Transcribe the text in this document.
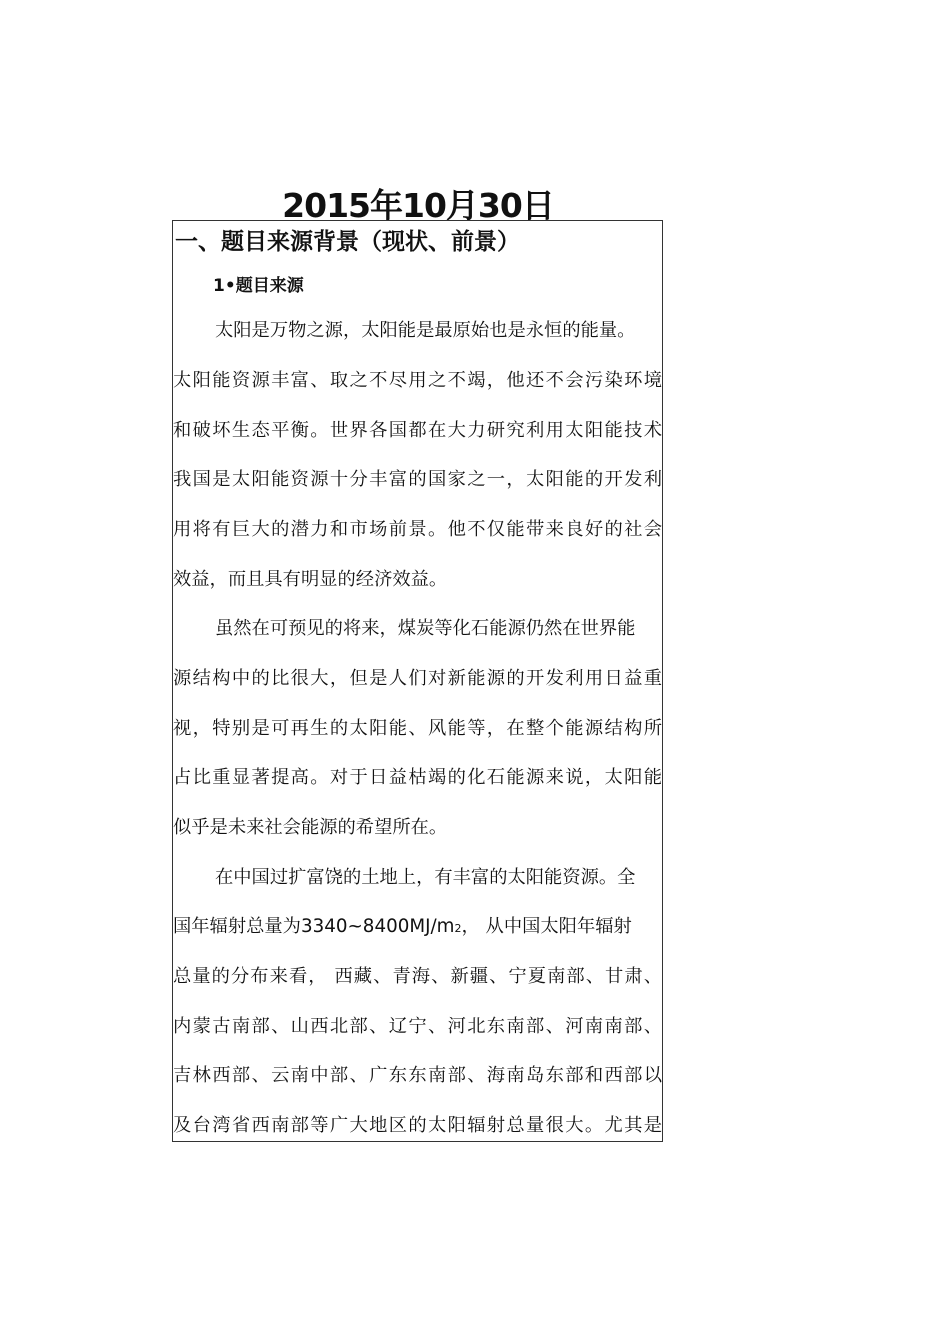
2015年10月30日
一、题目来源背景（现状、前景）
1•题目来源
太阳是万物之源，太阳能是最原始也是永恒的能量。
太阳能资源丰富、取之不尽用之不竭，他还不会污染环境
和破坏生态平衡。世界各国都在大力研究利用太阳能技术
我国是太阳能资源十分丰富的国家之一，太阳能的开发利
用将有巨大的潜力和市场前景。他不仅能带来良好的社会
效益，而且具有明显的经济效益。
虽然在可预见的将来，煤炭等化石能源仍然在世界能
源结构中的比很大，但是人们对新能源的开发利用日益重
视，特别是可再生的太阳能、风能等，在整个能源结构所
占比重显著提高。对于日益枯竭的化石能源来说，太阳能
似乎是未来社会能源的希望所在。
在中国过扩富饶的土地上，有丰富的太阳能资源。全
国年辐射总量为3340~8400MJ/m2， 从中国太阳年辐射
总量的分布来看， 西藏、青海、新疆、宁夏南部、甘肃、
内蒙古南部、山西北部、辽宁、河北东南部、河南南部、
吉林西部、云南中部、广东东南部、海南岛东部和西部以
及台湾省西南部等广大地区的太阳辐射总量很大。尤其是
